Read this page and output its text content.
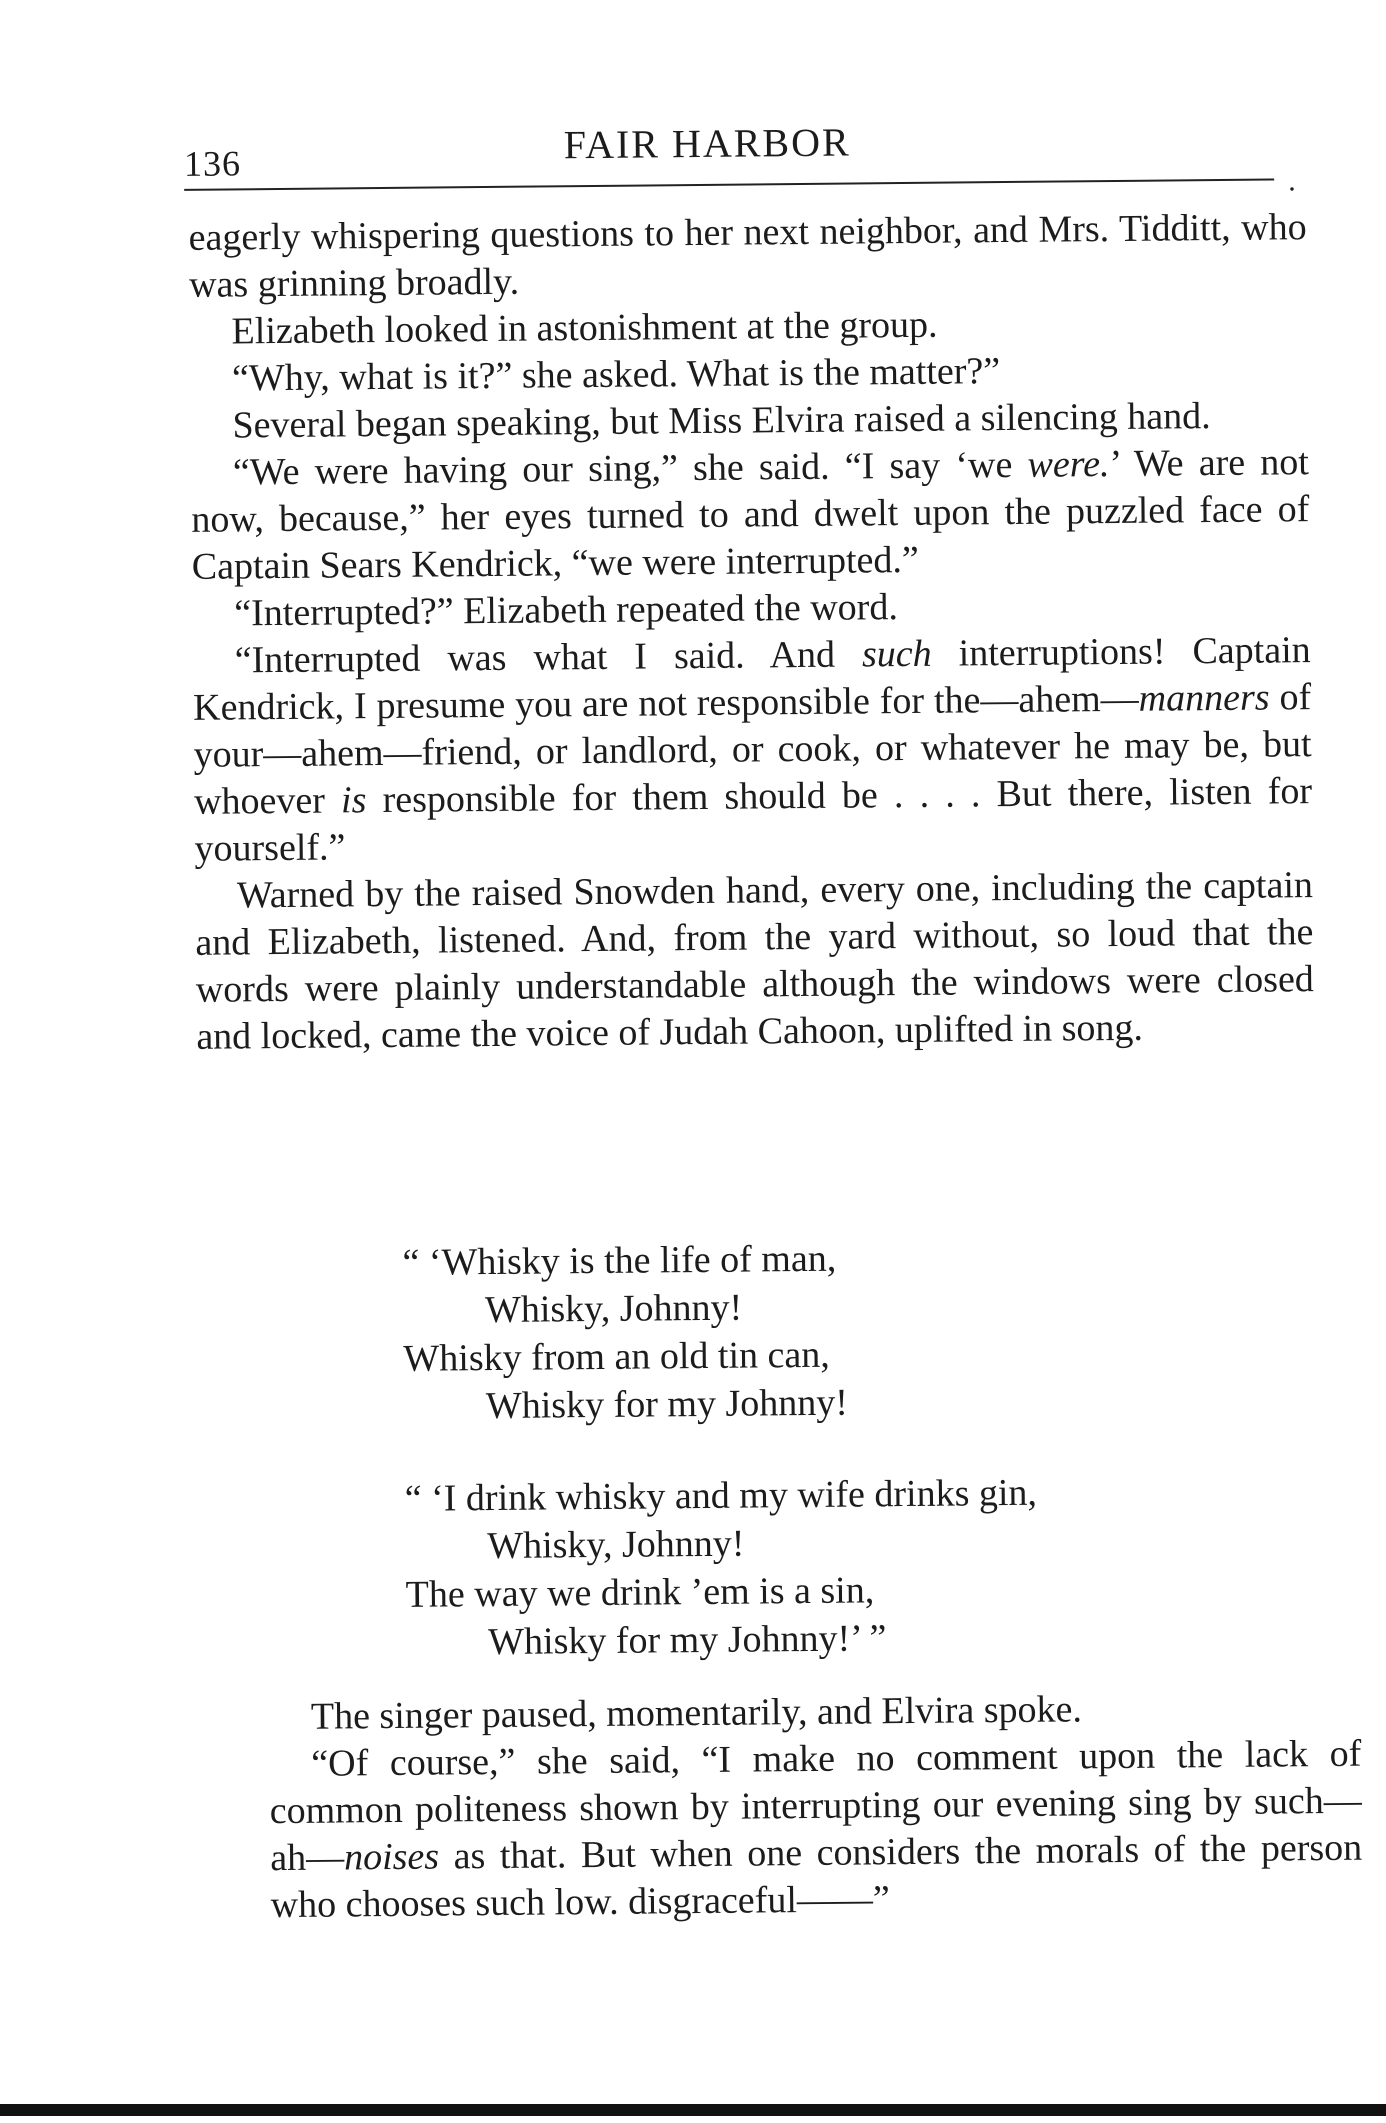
136	FAIR HARBOR
.

eagerly whispering questions to her next neighbor, and Mrs. Tidditt, who was grinning broadly.

Elizabeth looked in astonishment at the group.

“Why, what is it?” she asked. What is the matter?”

Several began speaking, but Miss Elvira raised a silencing hand.

“We were having our sing,” she said. “I say ‘we were.’ We are not now, because,” her eyes turned to and dwelt upon the puzzled face of Captain Sears Kendrick, “we were interrupted.”

“Interrupted?” Elizabeth repeated the word.

“Interrupted was what I said. And such interruptions! Captain Kendrick, I presume you are not responsible for the—ahem—manners of your—ahem—friend, or landlord, or cook, or whatever he may be, but whoever is responsible for them should be . . . . But there, listen for yourself.”

Warned by the raised Snowden hand, every one, including the captain and Elizabeth, listened. And, from the yard without, so loud that the words were plainly understandable although the windows were closed and locked, came the voice of Judah Cahoon, uplifted in song.

“ ‘Whisky is the life of man,
Whisky, Johnny!
Whisky from an old tin can,
Whisky for my Johnny!
“ ‘I drink whisky and my wife drinks gin,
Whisky, Johnny!
The way we drink ’em is a sin,
Whisky for my Johnny!’ ”

The singer paused, momentarily, and Elvira spoke.

“Of course,” she said, “I make no comment upon the lack of common politeness shown by interrupting our evening sing by such—ah—noises as that. But when one considers the morals of the person who chooses such low. disgraceful——”
